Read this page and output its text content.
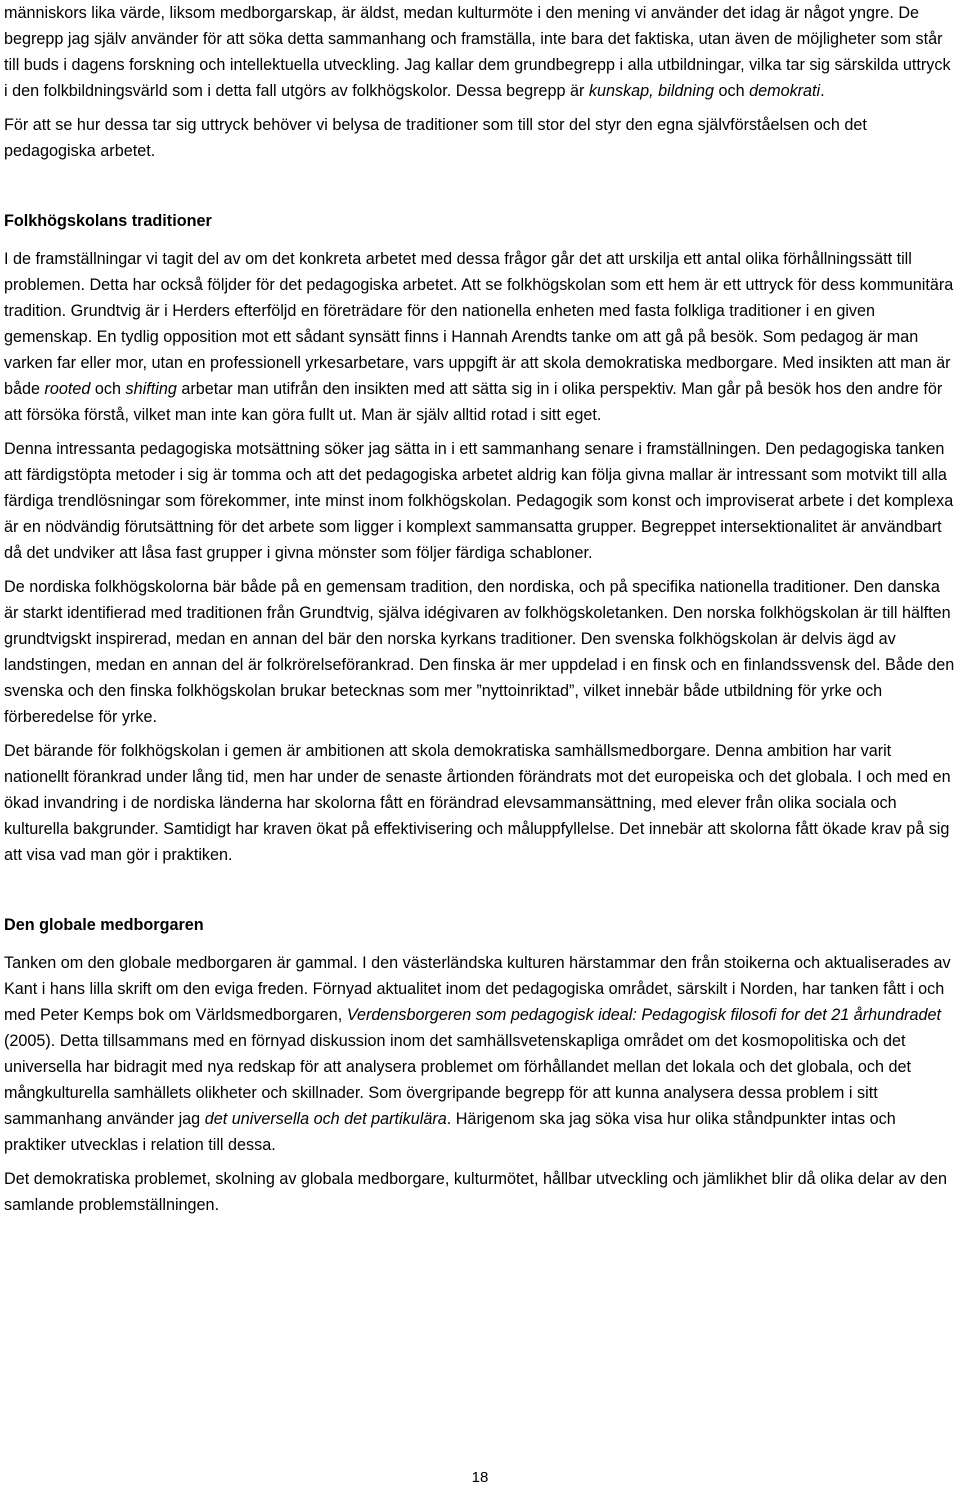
människors lika värde, liksom medborgarskap, är äldst, medan kulturmöte i den mening vi använder det idag är något yngre. De begrepp jag själv använder för att söka detta sammanhang och framställa, inte bara det faktiska, utan även de möjligheter som står till buds i dagens forskning och intellektuella utveckling. Jag kallar dem grundbegrepp i alla utbildningar, vilka tar sig särskilda uttryck i den folkbildningsvärld som i detta fall utgörs av folkhögskolor. Dessa begrepp är kunskap, bildning och demokrati.

För att se hur dessa tar sig uttryck behöver vi belysa de traditioner som till stor del styr den egna självförståelsen och det pedagogiska arbetet.

Folkhögskolans traditioner

I de framställningar vi tagit del av om det konkreta arbetet med dessa frågor går det att urskilja ett antal olika förhållningssätt till problemen. Detta har också följder för det pedagogiska arbetet. Att se folkhögskolan som ett hem är ett uttryck för dess kommunitära tradition. Grundtvig är i Herders efterföljd en företrädare för den nationella enheten med fasta folkliga traditioner i en given gemenskap. En tydlig opposition mot ett sådant synsätt finns i Hannah Arendts tanke om att gå på besök. Som pedagog är man varken far eller mor, utan en professionell yrkesarbetare, vars uppgift är att skola demokratiska medborgare. Med insikten att man är både rooted och shifting arbetar man utifrån den insikten med att sätta sig in i olika perspektiv. Man går på besök hos den andre för att försöka förstå, vilket man inte kan göra fullt ut. Man är själv alltid rotad i sitt eget.

Denna intressanta pedagogiska motsättning söker jag sätta in i ett sammanhang senare i framställningen. Den pedagogiska tanken att färdigstöpta metoder i sig är tomma och att det pedagogiska arbetet aldrig kan följa givna mallar är intressant som motvikt till alla färdiga trendlösningar som förekommer, inte minst inom folkhögskolan. Pedagogik som konst och improviserat arbete i det komplexa är en nödvändig förutsättning för det arbete som ligger i komplext sammansatta grupper. Begreppet intersektionalitet är användbart då det undviker att låsa fast grupper i givna mönster som följer färdiga schabloner.

De nordiska folkhögskolorna bär både på en gemensam tradition, den nordiska, och på specifika nationella traditioner. Den danska är starkt identifierad med traditionen från Grundtvig, själva idégivaren av folkhögskoletanken. Den norska folkhögskolan är till hälften grundtvigskt inspirerad, medan en annan del bär den norska kyrkans traditioner. Den svenska folkhögskolan är delvis ägd av landstingen, medan en annan del är folkrörelseförankrad. Den finska är mer uppdelad i en finsk och en finlandssvensk del. Både den svenska och den finska folkhögskolan brukar betecknas som mer ”nyttoinriktad”, vilket innebär både utbildning för yrke och förberedelse för yrke.

Det bärande för folkhögskolan i gemen är ambitionen att skola demokratiska samhällsmedborgare. Denna ambition har varit nationellt förankrad under lång tid, men har under de senaste årtionden förändrats mot det europeiska och det globala. I och med en ökad invandring i de nordiska länderna har skolorna fått en förändrad elevsammansättning, med elever från olika sociala och kulturella bakgrunder. Samtidigt har kraven ökat på effektivisering och måluppfyllelse. Det innebär att skolorna fått ökade krav på sig att visa vad man gör i praktiken.

Den globale medborgaren

Tanken om den globale medborgaren är gammal. I den västerländska kulturen härstammar den från stoikerna och aktualiserades av Kant i hans lilla skrift om den eviga freden. Förnyad aktualitet inom det pedagogiska området, särskilt i Norden, har tanken fått i och med Peter Kemps bok om Världsmedborgaren, Verdensborgeren som pedagogisk ideal: Pedagogisk filosofi for det 21 århundradet (2005). Detta tillsammans med en förnyad diskussion inom det samhällsvetenskapliga området om det kosmopolitiska och det universella har bidragit med nya redskap för att analysera problemet om förhållandet mellan det lokala och det globala, och det mångkulturella samhällets olikheter och skillnader. Som övergripande begrepp för att kunna analysera dessa problem i sitt sammanhang använder jag det universella och det partikulära. Härigenom ska jag söka visa hur olika ståndpunkter intas och praktiker utvecklas i relation till dessa.

Det demokratiska problemet, skolning av globala medborgare, kulturmötet, hållbar utveckling och jämlikhet blir då olika delar av den samlande problemställningen.

18
